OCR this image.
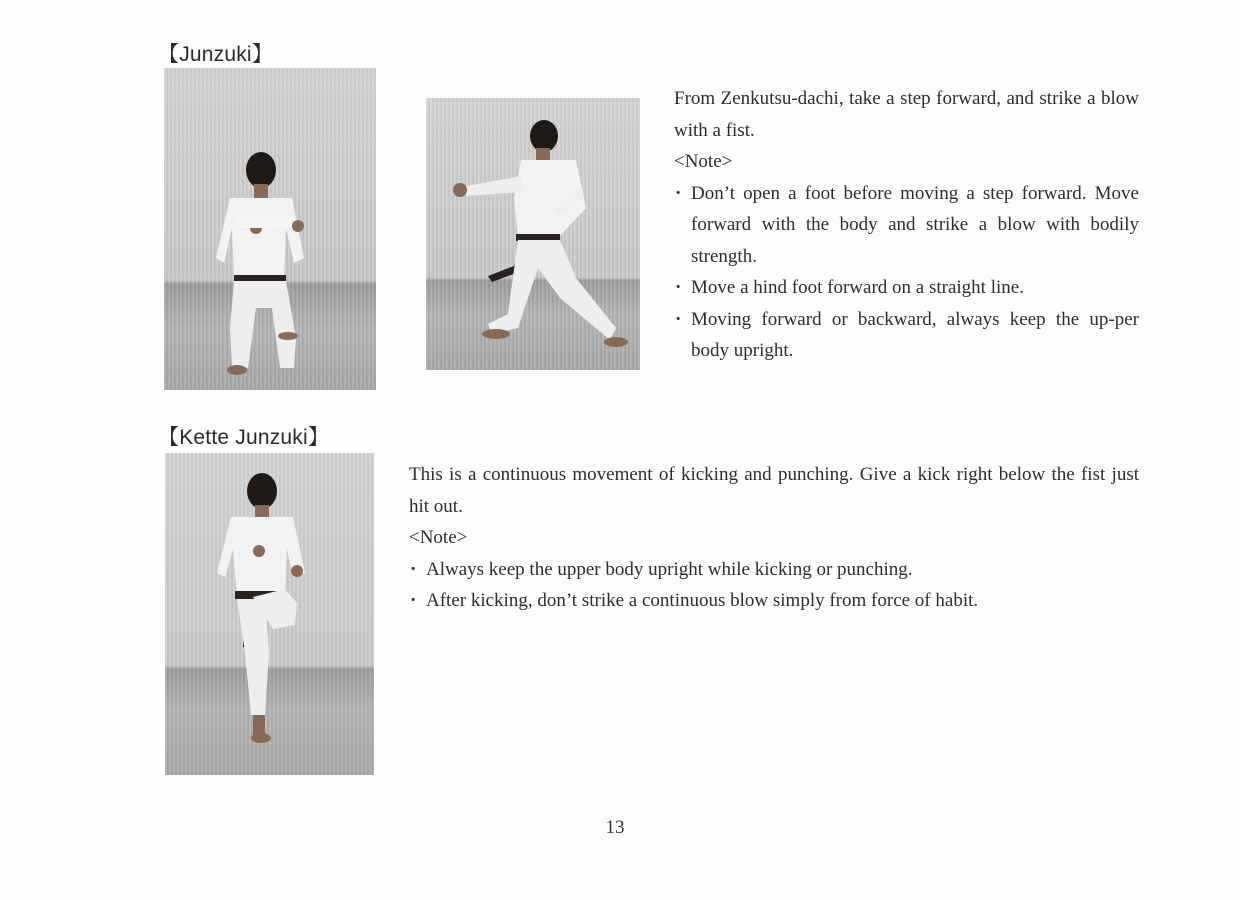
【Junzuki】

From Zenkutsu-dachi, take a step forward, and strike a blow with a fist.

<Note>
· Don’t open a foot before moving a step forward. Move forward with the body and strike a blow with bodily strength.
· Move a hind foot forward on a straight line.
· Moving forward or backward, always keep the up-per body upright.
【Kette Junzuki】

This is a continuous movement of kicking and punching. Give a kick right below the fist just hit out.

<Note>
· Always keep the upper body upright while kicking or punching.
· After kicking, don’t strike a continuous blow simply from force of habit.
13
